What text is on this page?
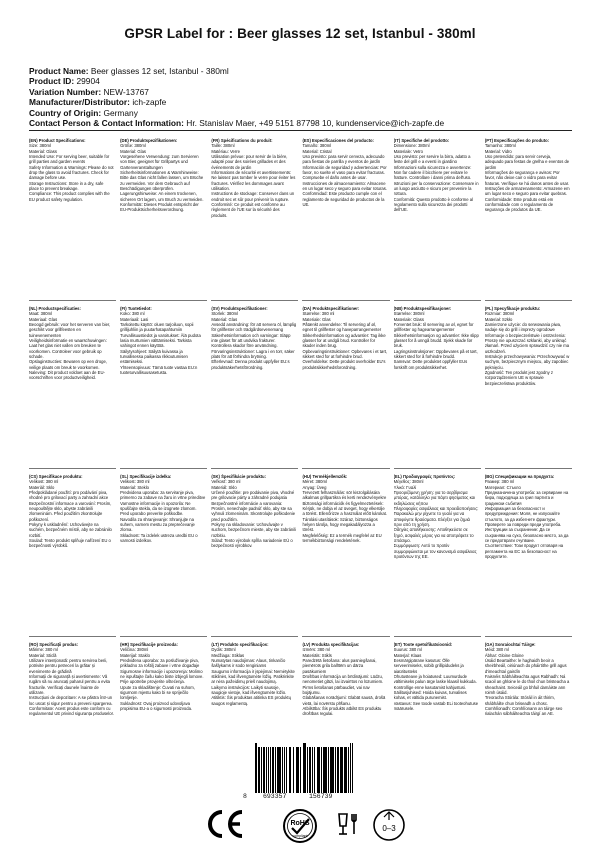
GPSR Label for : Beer glasses 12 set, Istanbul - 380ml
Product Name: Beer glasses 12 set, Istanbul - 380ml
Product ID: 29904
Variation Number: NEW-13767
Manufacturer/Distributor: ich-zapfe
Country of Origin: Germany
Contact Person & Contact Information: Hr. Stanislav Maer, +49 5151 87798 10, kundenservice@ich-zapfe.de
(EN) Product Specifications:
Size: 380ml
Material: Glass
Intended Use: For serving beer, suitable for grill parties and garden events
Safety Information & Warnings: Please do not drop the glass to avoid fractures. Check for damage before use.
Storage Instructions: Store in a dry, safe place to prevent breakage.
Compliance: This product complies with the EU product safety regulation.
(DE) Produktspezifikationen:
Größe: 380ml
Material: Glas
Vorgesehene Verwendung: zum Servieren von Bier, geeignet für Grillpartys und Gartenveranstaltungen
Sicherheitsinformationen & Warnhinweise: Bitte das Glas nicht fallen lassen, um Brüche zu vermeiden. Vor dem Gebrauch auf Beschädigungen überprüfen.
Lagerungshinweise: An einem trockenen, sicheren Ort lagern, um Bruch zu vermeiden.
Konformität: Dieses Produkt entspricht der EU-Produktsicherheitsverordnung.
(FR) Spécifications du produit:
Taille: 380ml
Matériau: Verre
Utilisation prévue: pour servir de la bière, adapté pour des soirées grillades et des événements de jardin
Informations de sécurité et avertissements: Ne laissez pas tomber le verre pour éviter les fractures. Vérifiez les dommages avant utilisation.
Instructions de stockage: Conserver dans un endroit sec et sûr pour prévenir la rupture.
Conformité: Ce produit est conforme au règlement de l'UE sur la sécurité des produits.
(ES) Especificaciones del producto:
Tamaño: 380ml
Material: Cristal
Uso previsto: para servir cerveza, adecuado para fiestas de parrilla y eventos de jardín
Información de seguridad y advertencias: Por favor, no suelte el vaso para evitar fracturas. Compruebe el daño antes de usar.
Instrucciones de almacenamiento: Almacene en un lugar seco y seguro para evitar roturas.
Conformidad: Este producto cumple con el reglamento de seguridad de productos de la UE.
(IT) Specifiche del prodotto:
Dimensione: 380ml
Materiale: Vetro
Uso previsto: per servire la birra, adatto a feste del grill e a eventi in giardino
Informazioni sulla sicurezza e avvertenze: Non far cadere il bicchiere per evitare le fratture. Controllare i danni prima dell'uso.
Istruzioni per la conservazione: Conservare in un luogo asciutto e sicuro per prevenire la rottura.
Conformità: Questo prodotto è conforme al regolamento sulla sicurezza dei prodotti dell'UE.
(PT) Especificações do produto:
Tamanho: 380ml
Material: Vidro
Uso pretendido: para servir cerveja, adequado para festas de grelha e eventos de jardim
Informações de segurança e avisos: Por favor, não deixe cair o vidro para evitar fraturas. Verifique se há danos antes de usar.
Instruções de armazenamento: Armazene em um lugar seco e seguro para evitar quebras.
Conformidade: Este produto está em conformidade com o regulamento de segurança de produtos da UE.
(NL) Productspecificaties:
Maat: 380ml
Materiaal: Glas
Beoogd gebruik: voor het serveren van bier, geschikt voor grillfeesten en tuinevenementen
Veiligheidsinformatie en waarschuwingen: Laat het glas niet vallen om breuken te voorkomen. Controleer voor gebruik op schade.
Opslaginstructies: Bewaren op een droge, veilige plaats om breuk te voorkomen.
Naleving: Dit product voldoet aan de EU-voorschriften voor productveiligheid.
(FI) Tuotetiedot:
Koko: 380 ml
Materiaali: Lasi
Tarkoitettu käyttö: oluen tarjoiluun, sopii grillijuhliin ja puutarhatapahtumiin
Turvallisuustiedot ja varoitukset: Älä pudota lasia murtumien välttämiseksi. Tarkista vahingot ennen käyttöä.
Säilytysohjeet: Säilytä kuivassa ja turvallisessa paikassa rikkoutumisen estämiseksi.
Yhteensopivuus: Tämä tuote vastaa EU:n tuoteturvallisuusasetusta.
(SV) Produktspecifikationer:
Storlek: 380ml
Material: Glas
Avsedd användning: för att servera öl, lämplig för grillfester och trädgårdsevenemang
Säkerhetsinformation och varningar: Släpp inte glaset för att undvika frakturer. Kontrollera skador före användning.
Förvaringsinstruktioner: Lagra i en torr, säker plats för att förhindra brytning.
Efterlevnad: Denna produkt uppfyller EU:s produktsäkerhetsförordning.
(DA) Produktspecifikationer:
Størrelse: 380 ml
Materiale: Glas
Påtænkt anvendelse: Til servering af øl, egnet til grillfester og haveparrangementer
Sikkerhedsinformation og advarsler: Tag ikke glasset for at undgå brud. Kontroller for skader inden brug.
Opbevaringsinstruktioner: Opbevares i et tørt, sikkert sted for at forhindre brud.
Overholdelse: Dette produkt overholder EU's produktsikkerhedsforordning.
(NB) Produktspesifikasjoner:
Størrelse: 380ml
Materiale: Glass
Forventet bruk: til servering av øl, egnet for grillfester og hagearrangementer
Sikkerhetsinformasjon og advarsler: Ikke slipp glasset for å unngå brudd. Sjekk skade før bruk.
Lagringsinstruksjoner: Oppbevares på et tørt, sikkert sted for å forhindre brudd.
Samsvar: Dette produktet oppfyller EUs forskrift om produktsikkerhet.
(PL) Specyfikacje produktu:
Rozmiar: 380ml
Materiał: Szkło
Zamierzone użycie: do serwowania piwa, nadaje się do grill i imprezy ogrodowe
Informacje o bezpieczeństwie i ostrzeżenia: Proszę nie upuszczać szklanki, aby uniknąć złamań. Przed użyciem sprawdzić czy nie ma uszkodzeń.
Instrukcje przechowywania: Przechowywać w suchym, bezpiecznym miejscu, aby zapobiec pęknięciu.
Zgodność: Ten produkt jest zgodny z rozporządzeniem UE w sprawie bezpieczeństwa produktów.
(CS) Specifikace produktu:
Velikost: 380 ml
Materiál: Sklo
Předpokládané použití: pro podávání piva, vhodné pro grilovací party a zahradní akce
Bezpečnostní informace a varování: Prosím, neupouštějte sklo, abyste zabránili zlomeninám. Před použitím zkontrolujte poškození.
Pokyny k uskladnění: Uchovávejte na suchém, bezpečném místě, aby se zabránilo rozbití.
Soulad: Tento produkt splňuje nařízení EU o bezpečnosti výrobků.
(SL) Specifikacije izdelka:
Velikost: 380 ml
Material: Steklo
Predvidena uporaba: za serviranje piva, primerno za zabave na žaru in vrtne prireditve
Varnostne informacije in opozorila: Ne spuščajte stekla, da se izognete zlomom. Pred uporabo preverite poškodbe.
Navodila za shranjevanje: Shranjujte na suhem, varnem mestu za preprečevanje zloma.
Skladnost: Ta izdelek ustreza uredbi EU o varnosti izdelkov.
(SK) Špecifikácie produktu:
Veľkosť: 380 ml
Materiál: Sklo
Určené použitie: pre podávanie piva, vhodné pre grilovacie párty a záhradné podujatia
Bezpečnostné informácie a varovania: Prosím, nenechajte padnúť sklo, aby ste sa vyhnuli zlomeninám. Skontrolujte poškodenie pred použitím.
Pokyny na skladovanie: Uchovávajte v suchom, bezpečnom mieste, aby ste zabránili rozbitiu.
Súlad: Tento výrobok spĺňa nariadenie EÚ o bezpečnosti výrobkov.
(HU) Termékjellemzők:
Méret: 380ml
Anyag: Üveg
Tervezett felhasználás: sör kiszolgálására alkalmas grillpartikra és kerti rendezvényekre
Biztonsági információk és figyelmeztetések: Kérjük, ne dobja el az üveget, hogy elkerülje a törést. Ellenőrizze a használat előtt károkat.
Tárolási utasítások: Száraz, biztonságos helyen tárolja, hogy megakadályozza a törést.
Megfelelőség: Ez a termék megfelel az EU termékbiztonsági rendeletének.
(EL) Προδιαγραφές προϊόντος:
Μέγεθος: 380ml
Υλικό: Γυαλί
Προοριζόμενη χρήση: για το σερβίρισμα μπύρας, κατάλληλο για πάρτι ψησίματος και εκδηλώσεις κήπου
Πληροφορίες ασφάλειας και προειδοποιήσεις: Παρακαλώ μην ρίχνετε το γυαλί για να αποφύγετε θραύσματα. Ελέγξτε για ζημιά πριν από τη χρήση.
Οδηγίες αποθήκευσης: Αποθηκεύστε σε ξηρό, ασφαλές μέρος για να αποτρέψετε το σπάσιμο.
Συμμόρφωση: Αυτό το προϊόν συμμορφώνεται με τον κανονισμό ασφάλειας προϊόντων της ΕΕ.
(BG) Спецификации на продукта:
Размер: 380 ml
Материал: Стъкло
Предназначена употреба: за сервиране на бира, подходяща за грил партита и градински събития
Информация за безопасност и предупреждения: Моля, не изпускайте стъклото, за да избегнете фрактури. Проверете за повреди преди употреба.
Инструкции за съхранение: Да се съхранява на сухо, безопасно място, за да се предотврати счупване.
Съответствие: Този продукт отговаря на регламента на ЕС за безопасност на продуктите.
(RO) Specificații produs:
Mărime: 380 ml
Material: Sticlă
Utilizare intenționată: pentru servirea berii, potrivite pentru petreceri la grătar și evenimente de grădină
Informații de siguranță și avertismente: Vă rugăm să nu aruncați paharul pentru a evita fracturile. Verificați daunele înainte de utilizare.
Instrucțiuni de depozitare: A se păstra într-un loc uscat și sigur pentru a preveni spargerea.
Conformitate: Acest produs este conform cu regulamentul UE privind siguranța produselor.
(HR) Specifikacije proizvoda:
Veličina: 380ml
Materijal: Staklo
Predviđena uporaba: za posluživanje piva, prikladno za roštilj zabave i vrtne događaje
Sigurnosne informacije i upozorenja: Molimo ne ispuštajte čašu kako biste izbjegli lomove. Prije upotrebe provjerite oštećenja.
Upute za skladištenje: Čuvati na suhom, sigurnom mjestu kako bi se spriječilo lomljenje.
Sukladnost: Ovaj proizvod udovoljava propisima EU-a o sigurnosti proizvoda.
(LT) Produkto specifikacijos:
Dydis: 380ml
Medžiaga: Stiklas
Numatytas naudojimas: Alaus, tinkančio šašlykams ir sodo renginiams
Saugumo informacija ir įspėjimai: Nemėtykite stiklinės, kad išvengtumėte lūžių. Patikrinkite ar nėra pažeidimų prieš naudojimą.
Laikymo instrukcijos: Laikyti sausoje, saugioje vietoje, kad išvengtumėte lūžio.
Atitiktis: Šis produktas atitinka ES produktų saugos reglamentą.
(LV) Produkta specifikācijas:
Izmērs: 380 ml
Materiāls: Stikls
Paredzētā lietošana: alus pasniegšanai, piemērots grila ballītēm un dārza pasākumiem
Drošības informācija un brīdinājumi: Lūdzu, nenometiet glāzi, lai izvairītos no lūzumiem. Pirms lietošanas pārbaudiet, vai nav bojājumu.
Glabāšanas norādījumi: Glabāt sausā, drošā vietā, lai novērstu plīšanu.
Atbilstība: Šis produkts atbilst ES produktu drošības regulai.
(ET) Toote spetsifikatsioonid:
Suurus: 380 ml
Materjal: Klaas
Eesmärgipärane kasutus: Õlle serveerimiseks, sobib grillipidudeks ja aiaüritusteks
Ohutusteave ja hoiatused: Luumurdude vältimiseks palun ärge laske klaasil kukkuda. Kontrollige enne kasutamist kahjustusi.
Säilitusjuhised: Hoida kuivas, turvalises kohas, et vältida purunemist.
Vastavus: See toode vastab ELi tooteohutuse määrusele.
(GA) Sonraíochtaí Táirge:
Méid: 380 ml
Ábhar: Gloine Gloine
Úsáid Beartaithe: le haghaidh beoir a sheirbheáil, oiriúnach do pháirtithe grill agus d'imeachtaí gairdín
Faisnéis Sábháilteachta agus Rabhadh: Ná scaoil an ghloine le do thoil chun bristeacha a sheachaint. Seiceáil go bhfuil damáiste ann roimh úsáid.
Treoracha Stórála: Stóráil in áit thirim, shábháilte chun briseadh a chosc.
Comhlíonadh: Comhlíonann an táirge seo rialachán sábháilteachta táirgí an AE.
8 693357	156739
RoHS
compliant
0–3
